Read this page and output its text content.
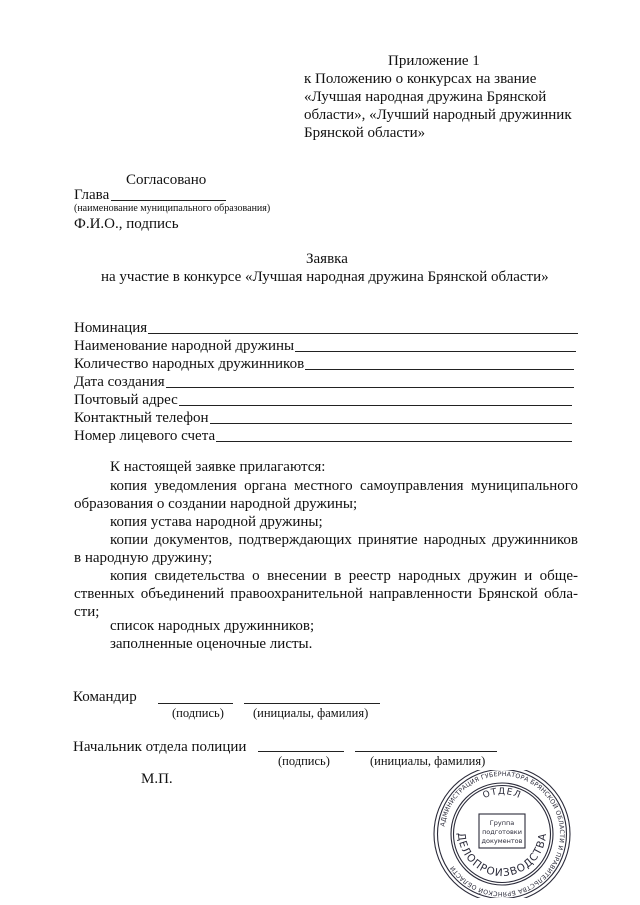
Приложение 1
к Положению о конкурсах на звание
«Лучшая народная дружина Брянской
области», «Лучший народный дружинник
Брянской области»
Согласовано
Глава
(наименование муниципального образования)
Ф.И.О., подпись
Заявка
на участие в конкурсе «Лучшая народная дружина Брянской области»
Номинация
Наименование народной дружины
Количество народных дружинников
Дата создания
Почтовый адрес
Контактный телефон
Номер лицевого счета
К настоящей заявке прилагаются:
копия уведомления органа местного самоуправления муниципального
образования о создании народной дружины;
копия устава народной дружины;
копии документов, подтверждающих принятие народных дружинников
в народную дружину;
копия свидетельства о внесении в реестр народных дружин и обще-
ственных объединений правоохранительной направленности Брянской обла-
сти;
список народных дружинников;
заполненные оценочные листы.
Командир
(подпись) (инициалы, фамилия)
Начальник отдела полиции
(подпись)	(инициалы, фамилия)
М.П.
АДМИНИСТРАЦИЯ ГУБЕРНАТОРА БРЯНСКОЙ ОБЛАСТИ И ПРАВИТЕЛЬСТВА БРЯНСКОЙ ОБЛАСТИ
ОТДЕЛ
ДЕЛОПРОИЗВОДСТВА
Группа
подготовки
документов
